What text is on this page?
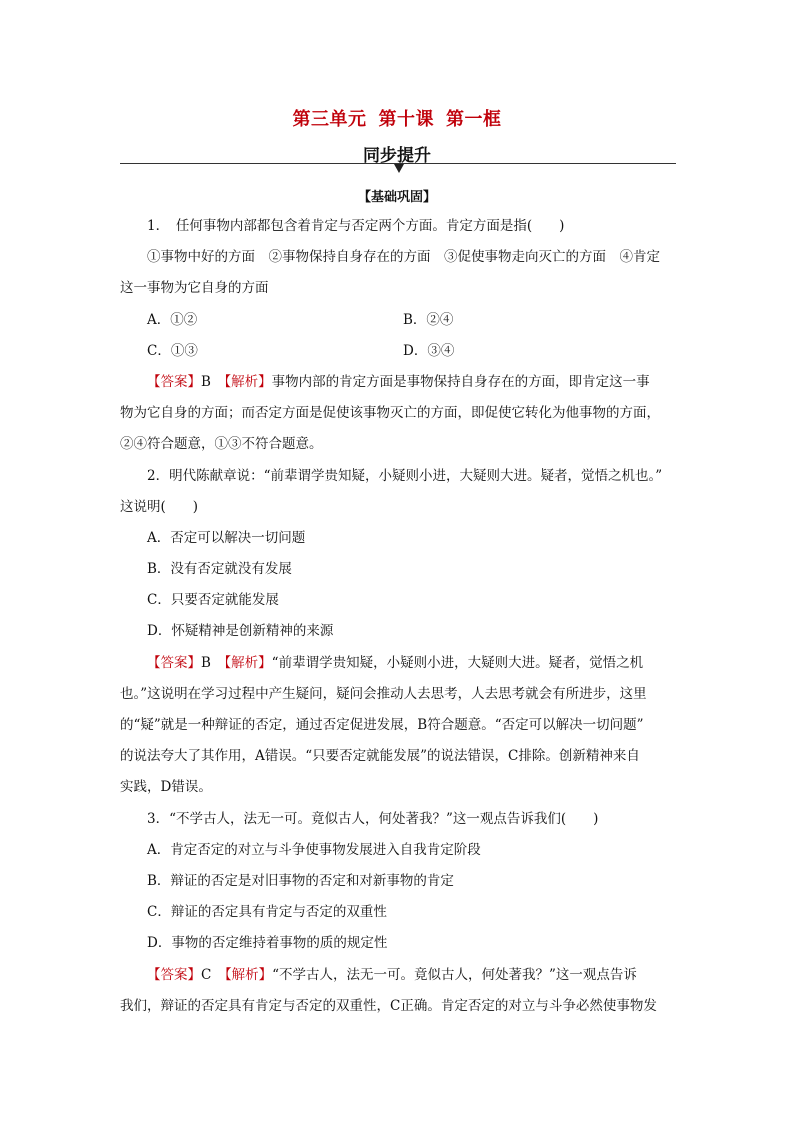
第三单元 第十课 第一框
同步提升
【基础巩固】
1．　任何事物内部都包含着肯定与否定两个方面。肯定方面是指(　　)
①事物中好的方面　②事物保持自身存在的方面　③促使事物走向灭亡的方面　④肯定
这一事物为它自身的方面
A．①②	B．②④
C．①③	D．③④
【答案】B　【解析】事物内部的肯定方面是事物保持自身存在的方面，即肯定这一事
物为它自身的方面；而否定方面是促使该事物灭亡的方面，即促使它转化为他事物的方面，
②④符合题意，①③不符合题意。
2．明代陈献章说：“前辈谓学贵知疑，小疑则小进，大疑则大进。疑者，觉悟之机也。”
这说明(　　)
A．否定可以解决一切问题
B．没有否定就没有发展
C．只要否定就能发展
D．怀疑精神是创新精神的来源
【答案】B　【解析】“前辈谓学贵知疑，小疑则小进，大疑则大进。疑者，觉悟之机
也。”这说明在学习过程中产生疑问，疑问会推动人去思考，人去思考就会有所进步，这里
的“疑”就是一种辩证的否定，通过否定促进发展，B符合题意。“否定可以解决一切问题”
的说法夸大了其作用，A错误。“只要否定就能发展”的说法错误，C排除。创新精神来自
实践，D错误。
3．“不学古人，法无一可。竟似古人，何处著我？”这一观点告诉我们(　　)
A．肯定否定的对立与斗争使事物发展进入自我肯定阶段
B．辩证的否定是对旧事物的否定和对新事物的肯定
C．辩证的否定具有肯定与否定的双重性
D．事物的否定维持着事物的质的规定性
【答案】C　【解析】“不学古人，法无一可。竟似古人，何处著我？”这一观点告诉
我们，辩证的否定具有肯定与否定的双重性，C正确。肯定否定的对立与斗争必然使事物发
